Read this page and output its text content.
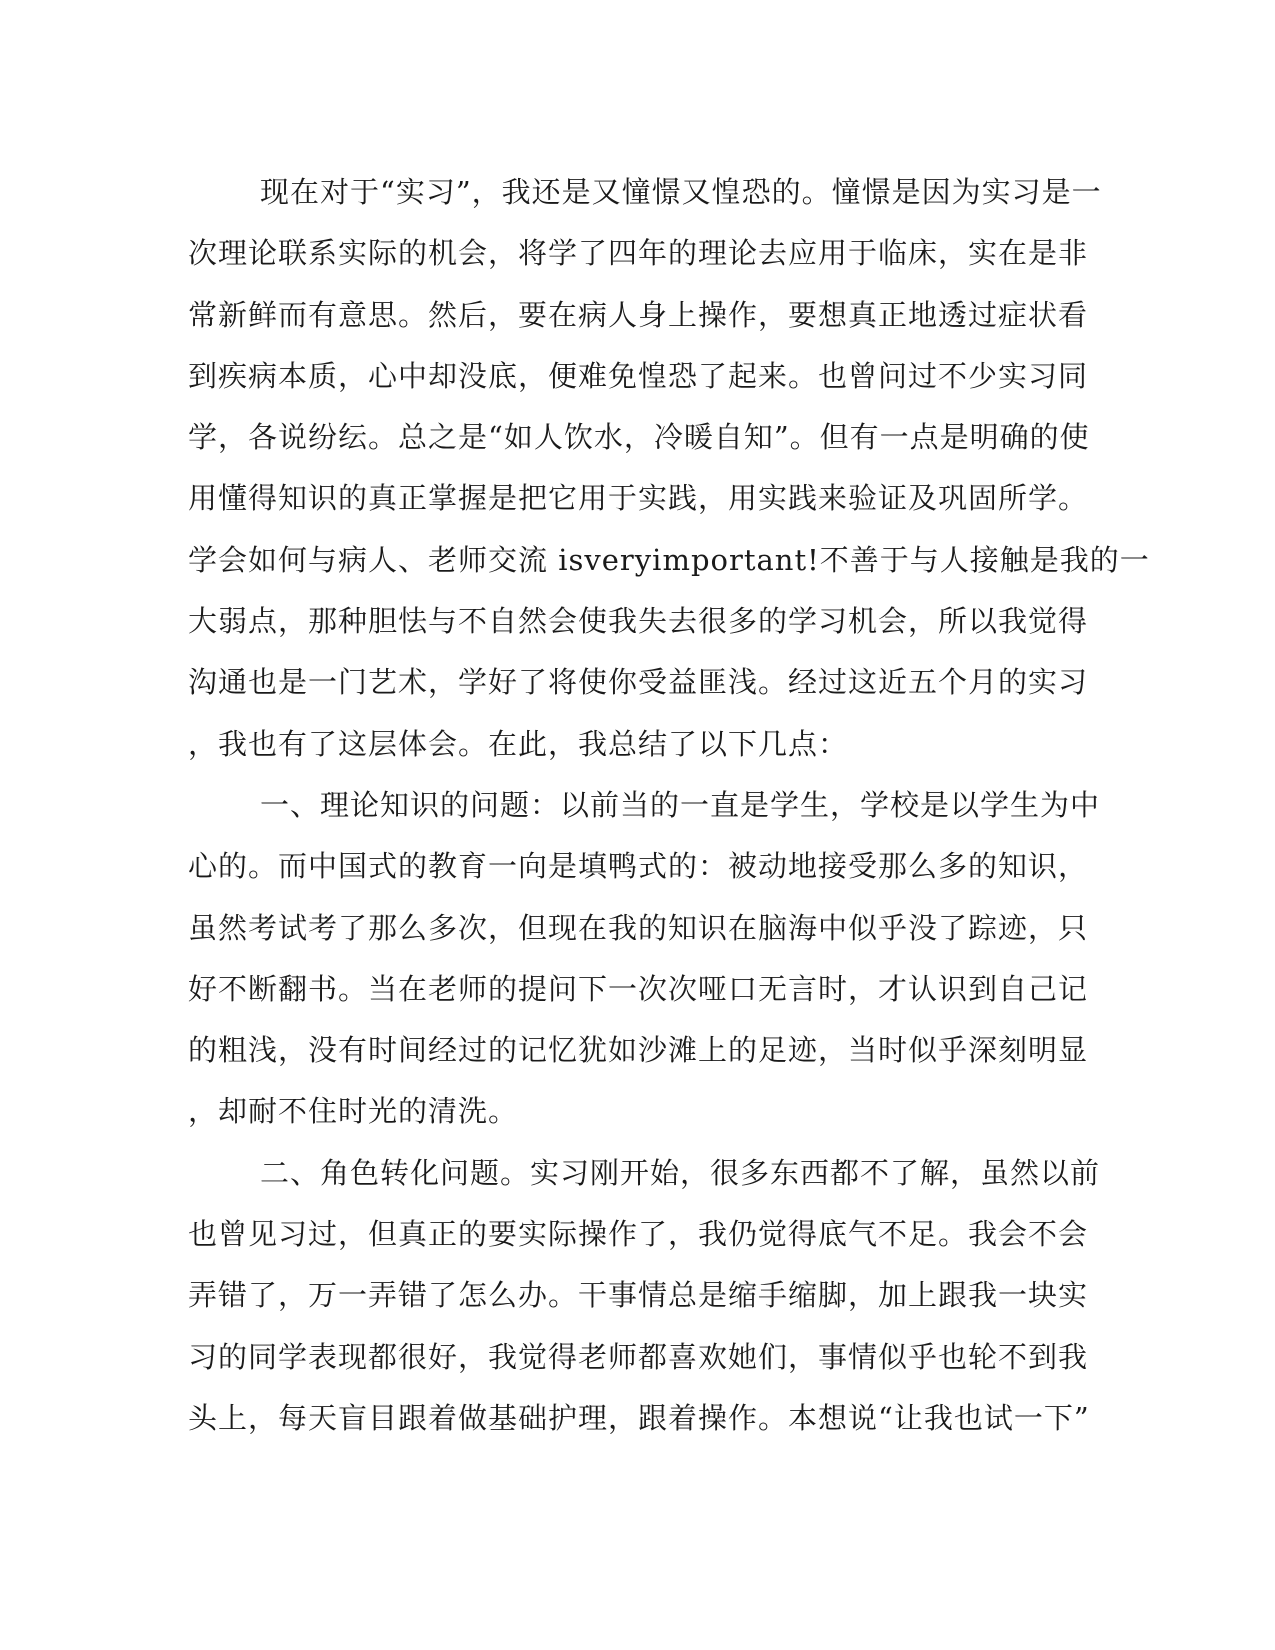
现在对于“实习”，我还是又憧憬又惶恐的。憧憬是因为实习是一
次理论联系实际的机会，将学了四年的理论去应用于临床，实在是非
常新鲜而有意思。然后，要在病人身上操作，要想真正地透过症状看
到疾病本质，心中却没底，便难免惶恐了起来。也曾问过不少实习同
学，各说纷纭。总之是“如人饮水，冷暖自知”。但有一点是明确的使
用懂得知识的真正掌握是把它用于实践，用实践来验证及巩固所学。
学会如何与病人、老师交流 isveryimportant!不善于与人接触是我的一
大弱点，那种胆怯与不自然会使我失去很多的学习机会，所以我觉得
沟通也是一门艺术，学好了将使你受益匪浅。经过这近五个月的实习
，我也有了这层体会。在此，我总结了以下几点：
一、理论知识的问题：以前当的一直是学生，学校是以学生为中
心的。而中国式的教育一向是填鸭式的：被动地接受那么多的知识，
虽然考试考了那么多次，但现在我的知识在脑海中似乎没了踪迹，只
好不断翻书。当在老师的提问下一次次哑口无言时，才认识到自己记
的粗浅，没有时间经过的记忆犹如沙滩上的足迹，当时似乎深刻明显
，却耐不住时光的清洗。
二、角色转化问题。实习刚开始，很多东西都不了解，虽然以前
也曾见习过，但真正的要实际操作了，我仍觉得底气不足。我会不会
弄错了，万一弄错了怎么办。干事情总是缩手缩脚，加上跟我一块实
习的同学表现都很好，我觉得老师都喜欢她们，事情似乎也轮不到我
头上，每天盲目跟着做基础护理，跟着操作。本想说“让我也试一下”
